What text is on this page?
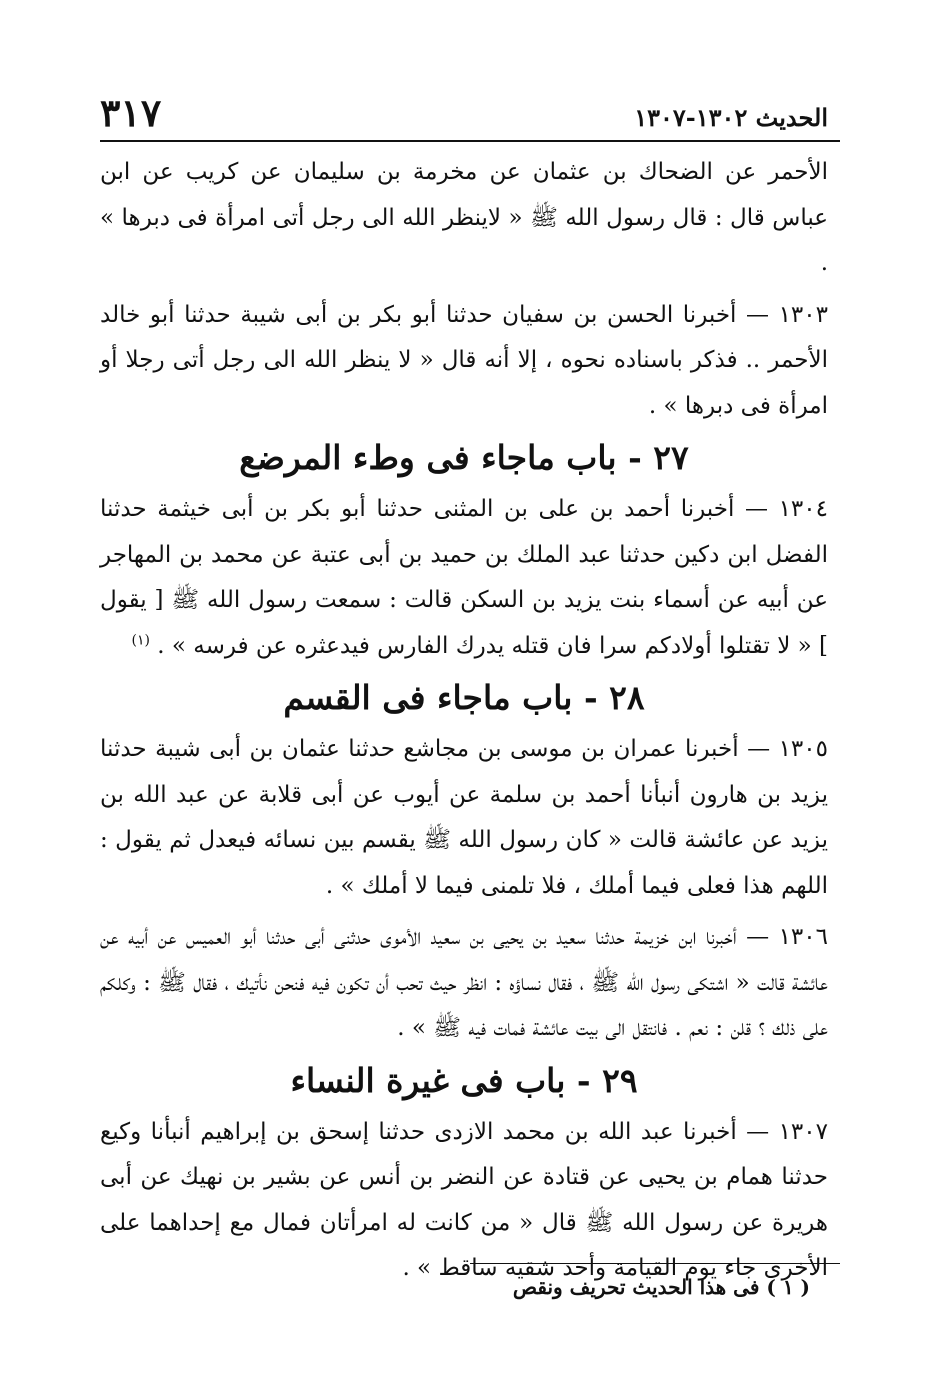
الحديث ١٣٠٢-١٣٠٧
٣١٧

الأحمر عن الضحاك بن عثمان عن مخرمة بن سليمان عن كريب عن ابن عباس قال : قال رسول الله ﷺ « لاينظر الله الى رجل أتى امرأة فى دبرها » .

١٣٠٣ — أخبرنا الحسن بن سفيان حدثنا أبو بكر بن أبى شيبة حدثنا أبو خالد الأحمر .. فذكر باسناده نحوه ، إلا أنه قال « لا ينظر الله الى رجل أتى رجلا أو امرأة فى دبرها » .

٢٧ - باب ماجاء فى وطء المرضع

١٣٠٤ — أخبرنا أحمد بن على بن المثنى حدثنا أبو بكر بن أبى خيثمة حدثنا الفضل ابن دكين حدثنا عبد الملك بن حميد بن أبى عتبة عن محمد بن المهاجر عن أبيه عن أسماء بنت يزيد بن السكن قالت : سمعت رسول الله ﷺ [ يقول ] « لا تقتلوا أولادكم سرا فان قتله يدرك الفارس فيدعثره عن فرسه » . $^{(١)}$

٢٨ - باب ماجاء فى القسم

١٣٠٥ — أخبرنا عمران بن موسى بن مجاشع حدثنا عثمان بن أبى شيبة حدثنا يزيد بن هارون أنبأنا أحمد بن سلمة عن أيوب عن أبى قلابة عن عبد الله بن يزيد عن عائشة قالت « كان رسول الله ﷺ يقسم بين نسائه فيعدل ثم يقول : اللهم هذا فعلى فيما أملك ، فلا تلمنى فيما لا أملك » .

١٣٠٦ — أخبرنا ابن خزيمة حدثنا سعيد بن يحيى بن سعيد الأموى حدثنى أبى حدثنا أبو العميس عن أبيه عن عائشة قالت « اشتكى رسول الله ﷺ ، فقال نساؤه : انظر حيث تحب أن تكون فيه فنحن نأتيك ، فقال ﷺ : وكلكم على ذلك ؟ قلن : نعم . فانتقل الى بيت عائشة فمات فيه ﷺ » .

٢٩ - باب فى غيرة النساء

١٣٠٧ — أخبرنا عبد الله بن محمد الازدى حدثنا إسحق بن إبراهيم أنبأنا وكيع حدثنا همام بن يحيى عن قتادة عن النضر بن أنس عن بشير بن نهيك عن أبى هريرة عن رسول الله ﷺ قال « من كانت له امرأتان فمال مع إحداهما على الأخرى جاء يوم القيامة وأحد شقيه ساقط » .

( ١ ) فى هذا الحديث تحريف ونقص
